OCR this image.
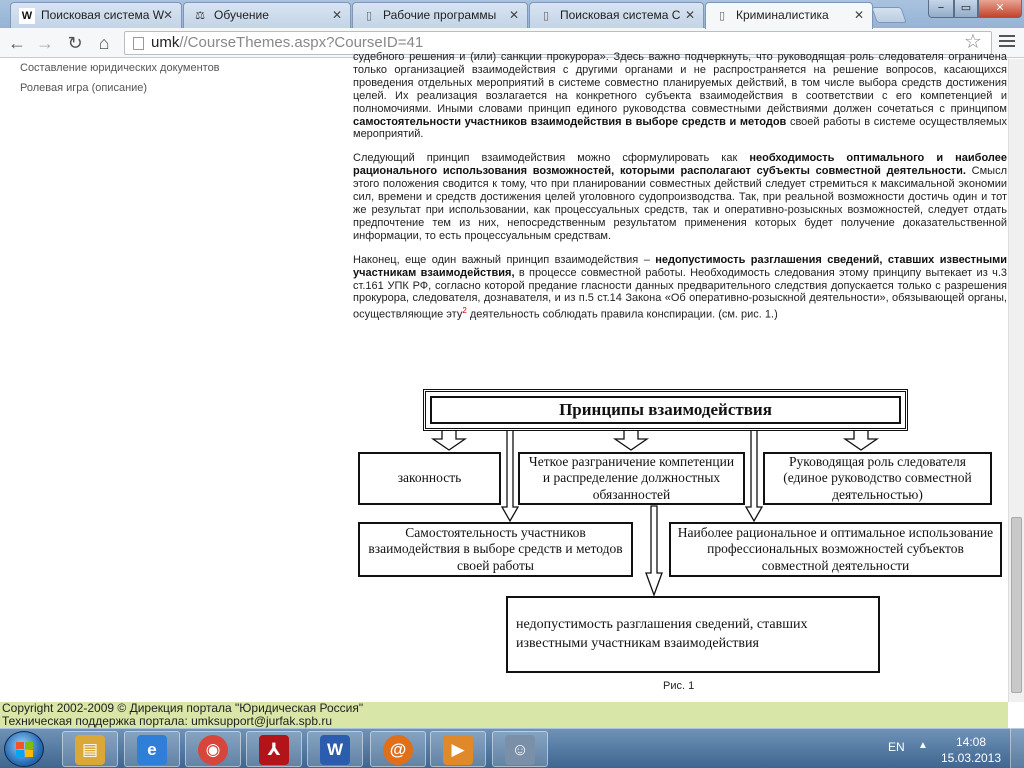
W Поисковая система W
✕ ⚖ Обучение	✕	▯ Рабочие программы	✕	▯ Поисковая система С ✕	▯ Криминалистика	✕	−	▭	✕
← → ↻ ⌂	umk//CourseThemes.aspx?CourseID=41	☆
Составление юридических документов
Ролевая игра (описание)

судебного решения и (или) санкции прокурора». Здесь важно подчеркнуть, что руководящая роль следователя ограничена только организацией взаимодействия с другими органами и не распространяется на решение вопросов, касающихся проведения отдельных мероприятий в системе совместно планируемых действий, в том числе выбора средств достижения целей. Их реализация возлагается на конкретного субъекта взаимодействия в соответствии с его компетенцией и полномочиями. Иными словами принцип единого руководства совместными действиями должен сочетаться с принципом самостоятельности участников взаимодействия в выборе средств и методов своей работы в системе осуществляемых мероприятий.

Следующий принцип взаимодействия можно сформулировать как необходимость оптимального и наиболее рационального использования возможностей, которыми располагают субъекты совместной деятельности. Смысл этого положения сводится к тому, что при планировании совместных действий следует стремиться к максимальной экономии сил, времени и средств достижения целей уголовного судопроизводства. Так, при реальной возможности достичь один и тот же результат при использовании, как процессуальных средств, так и оперативно-розыскных возможностей, следует отдать предпочтение тем из них, непосредственным результатом применения которых будет получение доказательственной информации, то есть процессуальным средствам.

Наконец, еще один важный принцип взаимодействия – недопустимость разглашения сведений, ставших известными участникам взаимодействия, в процессе совместной работы. Необходимость следования этому принципу вытекает из ч.3 ст.161 УПК РФ, согласно которой предание гласности данных предварительного следствия допускается только с разрешения прокурора, следователя, дознавателя, и из п.5 ст.14 Закона «Об оперативно-розыскной деятельности», обязывающей органы, осуществляющие эту$^2$ деятельность соблюдать правила конспирации. (см. рис. 1.)

Принципы взаимодействия
законность
Четкое разграничение компетенции и распределение должностных обязанностей
Руководящая роль следователя (единое руководство совместной деятельностью)
Самостоятельность участников взаимодействия в выборе средств и методов своей работы
Наиболее рациональное и оптимальное использование профессиональных возможностей субъектов совместной деятельности
недопустимость разглашения сведений, ставших известными участникам взаимодействия
Рис. 1
Copyright 2002-2009 © Дирекция портала "Юридическая Россия"
Техническая поддержка портала: umksupport@jurfak.spb.ru
▤	e	◉	⅄	W	@	▶	☺	EN ▲	14:08
15.03.2013
